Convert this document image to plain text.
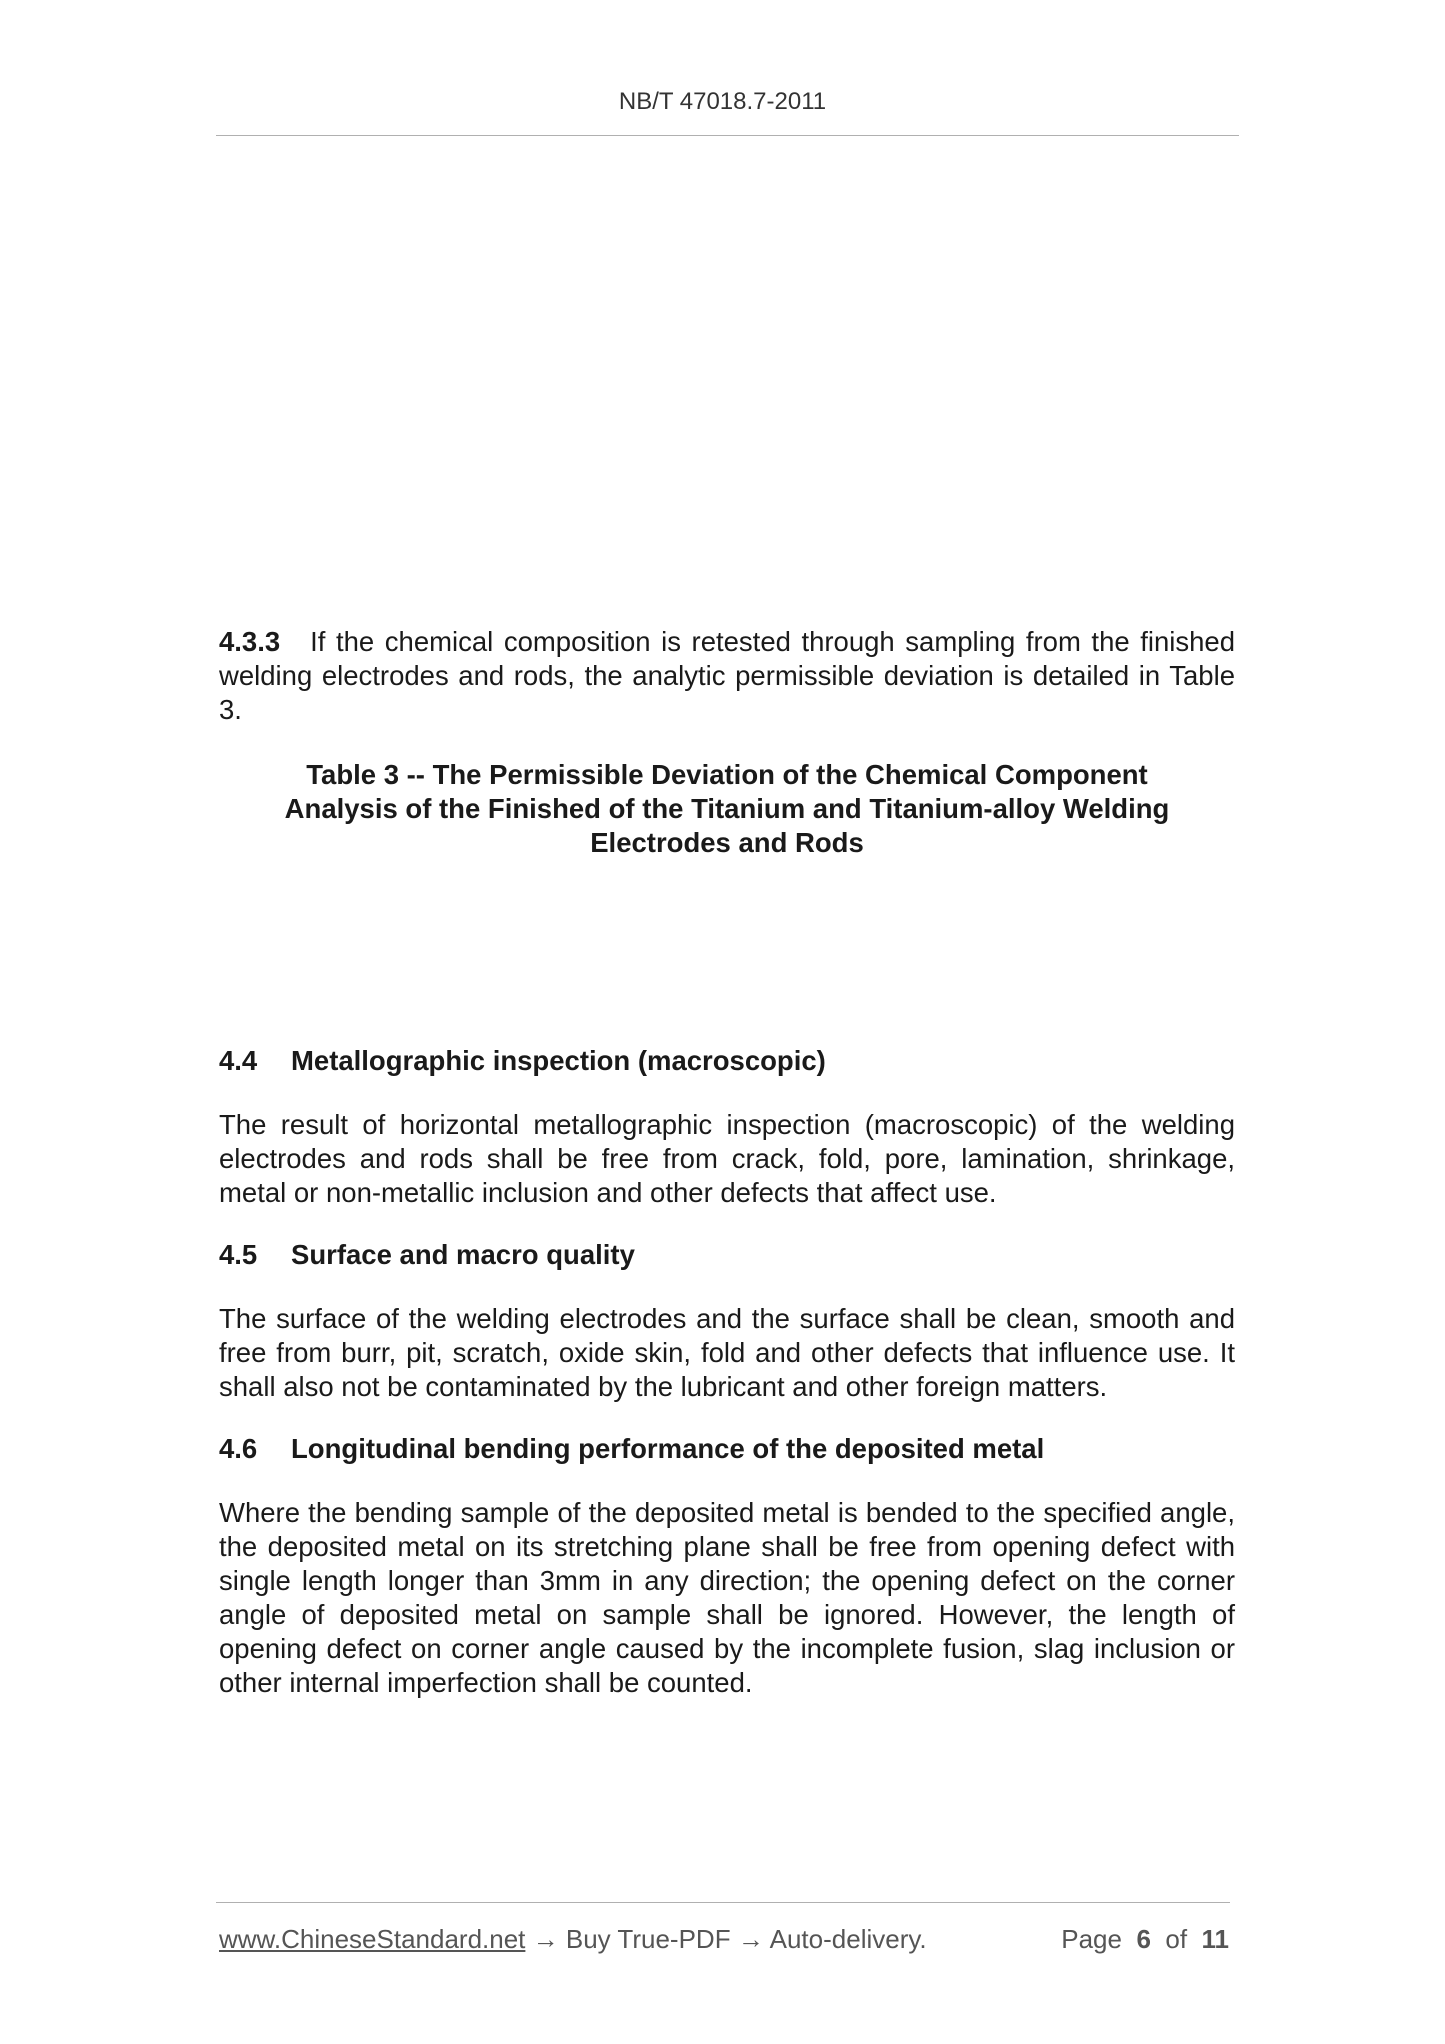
NB/T 47018.7-2011

4.3.3 If the chemical composition is retested through sampling from the finished welding electrodes and rods, the analytic permissible deviation is detailed in Table 3.

Table 3 -- The Permissible Deviation of the Chemical Component
Analysis of the Finished of the Titanium and Titanium-alloy Welding
Electrodes and Rods
4.4 Metallographic inspection (macroscopic)

The result of horizontal metallographic inspection (macroscopic) of the welding electrodes and rods shall be free from crack, fold, pore, lamination, shrinkage, metal or non-metallic inclusion and other defects that affect use.

4.5 Surface and macro quality

The surface of the welding electrodes and the surface shall be clean, smooth and free from burr, pit, scratch, oxide skin, fold and other defects that influence use. It shall also not be contaminated by the lubricant and other foreign matters.

4.6 Longitudinal bending performance of the deposited metal

Where the bending sample of the deposited metal is bended to the specified angle, the deposited metal on its stretching plane shall be free from opening defect with single length longer than 3mm in any direction; the opening defect on the corner angle of deposited metal on sample shall be ignored. However, the length of opening defect on corner angle caused by the incomplete fusion, slag inclusion or other internal imperfection shall be counted.

www.ChineseStandard.net → Buy True-PDF → Auto-delivery.	Page 6 of 11
